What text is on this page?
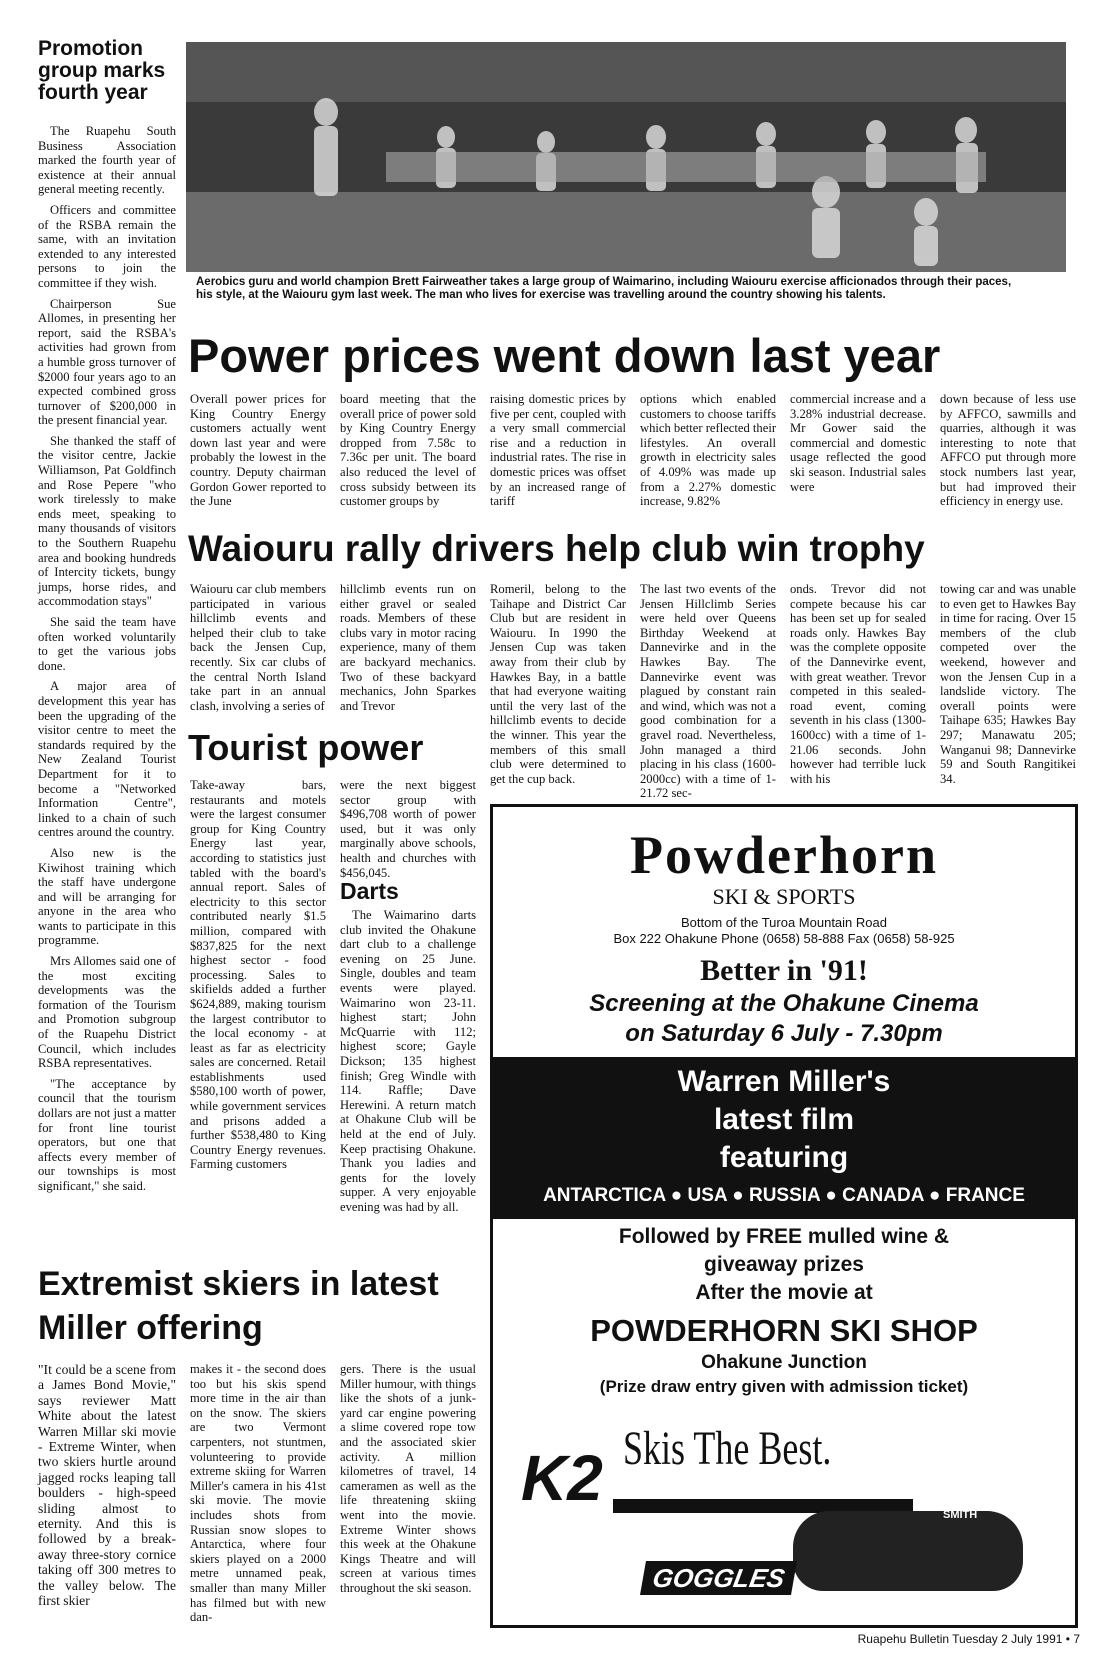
Promotion group marks fourth year

The Ruapehu South Business Association marked the fourth year of existence at their annual general meeting recently.

Officers and committee of the RSBA remain the same, with an invitation extended to any interested persons to join the committee if they wish.

Chairperson Sue Allomes, in presenting her report, said the RSBA's activities had grown from a humble gross turnover of $2000 four years ago to an expected combined gross turnover of $200,000 in the present financial year.

She thanked the staff of the visitor centre, Jackie Williamson, Pat Goldfinch and Rose Pepere "who work tirelessly to make ends meet, speaking to many thousands of visitors to the Southern Ruapehu area and booking hundreds of Intercity tickets, bungy jumps, horse rides, and accommodation stays"

She said the team have often worked voluntarily to get the various jobs done.

A major area of development this year has been the upgrading of the visitor centre to meet the standards required by the New Zealand Tourist Department for it to become a "Networked Information Centre", linked to a chain of such centres around the country.

Also new is the Kiwihost training which the staff have undergone and will be arranging for anyone in the area who wants to participate in this programme.

Mrs Allomes said one of the most exciting developments was the formation of the Tourism and Promotion subgroup of the Ruapehu District Council, which includes RSBA representatives.

"The acceptance by council that the tourism dollars are not just a matter for front line tourist operators, but one that affects every member of our townships is most significant," she said.

Aerobics guru and world champion Brett Fairweather takes a large group of Waimarino, including Waiouru exercise afficionados through their paces, his style, at the Waiouru gym last week. The man who lives for exercise was travelling around the country showing his talents.
Power prices went down last year

Overall power prices for King Country Energy customers actually went down last year and were probably the lowest in the country. Deputy chairman Gordon Gower reported to the June

board meeting that the overall price of power sold by King Country Energy dropped from 7.58c to 7.36c per unit. The board also reduced the level of cross subsidy between its customer groups by

raising domestic prices by five per cent, coupled with a very small commercial rise and a reduction in industrial rates. The rise in domestic prices was offset by an increased range of tariff

options which enabled customers to choose tariffs which better reflected their lifestyles. An overall growth in electricity sales of 4.09% was made up from a 2.27% domestic increase, 9.82%

commercial increase and a 3.28% industrial decrease. Mr Gower said the commercial and domestic usage reflected the good ski season. Industrial sales were

down because of less use by AFFCO, sawmills and quarries, although it was interesting to note that AFFCO put through more stock numbers last year, but had improved their efficiency in energy use.

Waiouru rally drivers help club win trophy

Waiouru car club members participated in various hillclimb events and helped their club to take back the Jensen Cup, recently. Six car clubs of the central North Island take part in an annual clash, involving a series of

hillclimb events run on either gravel or sealed roads. Members of these clubs vary in motor racing experience, many of them are backyard mechanics. Two of these backyard mechanics, John Sparkes and Trevor

Romeril, belong to the Taihape and District Car Club but are resident in Waiouru. In 1990 the Jensen Cup was taken away from their club by Hawkes Bay, in a battle that had everyone waiting until the very last of the hillclimb events to decide the winner. This year the members of this small club were determined to get the cup back.

The last two events of the Jensen Hillclimb Series were held over Queens Birthday Weekend at Dannevirke and in the Hawkes Bay. The Dannevirke event was plagued by constant rain and wind, which was not a good combination for a gravel road. Nevertheless, John managed a third placing in his class (1600-2000cc) with a time of 1-21.72 sec-

onds. Trevor did not compete because his car has been set up for sealed roads only. Hawkes Bay was the complete opposite of the Dannevirke event, with great weather. Trevor competed in this sealed-road event, coming seventh in his class (1300-1600cc) with a time of 1-21.06 seconds. John however had terrible luck with his

towing car and was unable to even get to Hawkes Bay in time for racing. Over 15 members of the club competed over the weekend, however and won the Jensen Cup in a landslide victory. The overall points were Taihape 635; Hawkes Bay 297; Manawatu 205; Wanganui 98; Dannevirke 59 and South Rangitikei 34.

Tourist power

Take-away bars, restaurants and motels were the largest consumer group for King Country Energy last year, according to statistics just tabled with the board's annual report. Sales of electricity to this sector contributed nearly $1.5 million, compared with $837,825 for the next highest sector - food processing. Sales to skifields added a further $624,889, making tourism the largest contributor to the local economy - at least as far as electricity sales are concerned. Retail establishments used $580,100 worth of power, while government services and prisons added a further $538,480 to King Country Energy revenues. Farming customers

were the next biggest sector group with $496,708 worth of power used, but it was only marginally above schools, health and churches with $456,045.

Darts

The Waimarino darts club invited the Ohakune dart club to a challenge evening on 25 June. Single, doubles and team events were played. Waimarino won 23-11. highest start; John McQuarrie with 112; highest score; Gayle Dickson; 135 highest finish; Greg Windle with 114. Raffle; Dave Herewini. A return match at Ohakune Club will be held at the end of July. Keep practising Ohakune. Thank you ladies and gents for the lovely supper. A very enjoyable evening was had by all.

Extremist skiers in latest Miller offering

"It could be a scene from a James Bond Movie," says reviewer Matt White about the latest Warren Millar ski movie - Extreme Winter, when two skiers hurtle around jagged rocks leaping tall boulders - high-speed sliding almost to eternity. And this is followed by a break-away three-story cornice taking off 300 metres to the valley below. The first skier

makes it - the second does too but his skis spend more time in the air than on the snow. The skiers are two Vermont carpenters, not stuntmen, volunteering to provide extreme skiing for Warren Miller's camera in his 41st ski movie. The movie includes shots from Russian snow slopes to Antarctica, where four skiers played on a 2000 metre unnamed peak, smaller than many Miller has filmed but with new dan-

gers. There is the usual Miller humour, with things like the shots of a junk-yard car engine powering a slime covered rope tow and the associated skier activity. A million kilometres of travel, 14 cameramen as well as the life threatening skiing went into the movie. Extreme Winter shows this week at the Ohakune Kings Theatre and will screen at various times throughout the ski season.

Powderhorn
SKI & SPORTS
Bottom of the Turoa Mountain Road
Box 222 Ohakune Phone (0658) 58-888 Fax (0658) 58-925
Better in '91!
Screening at the Ohakune Cinema
on Saturday 6 July - 7.30pm
Warren Miller's
latest film
featuring
ANTARCTICA ● USA ● RUSSIA ● CANADA ● FRANCE
Followed by FREE mulled wine &
giveaway prizes
After the movie at
POWDERHORN SKI SHOP
Ohakune Junction
(Prize draw entry given with admission ticket)
K2 Skis The Best.
SMITH
GOGGLES
Ruapehu Bulletin Tuesday 2 July 1991 • 7
